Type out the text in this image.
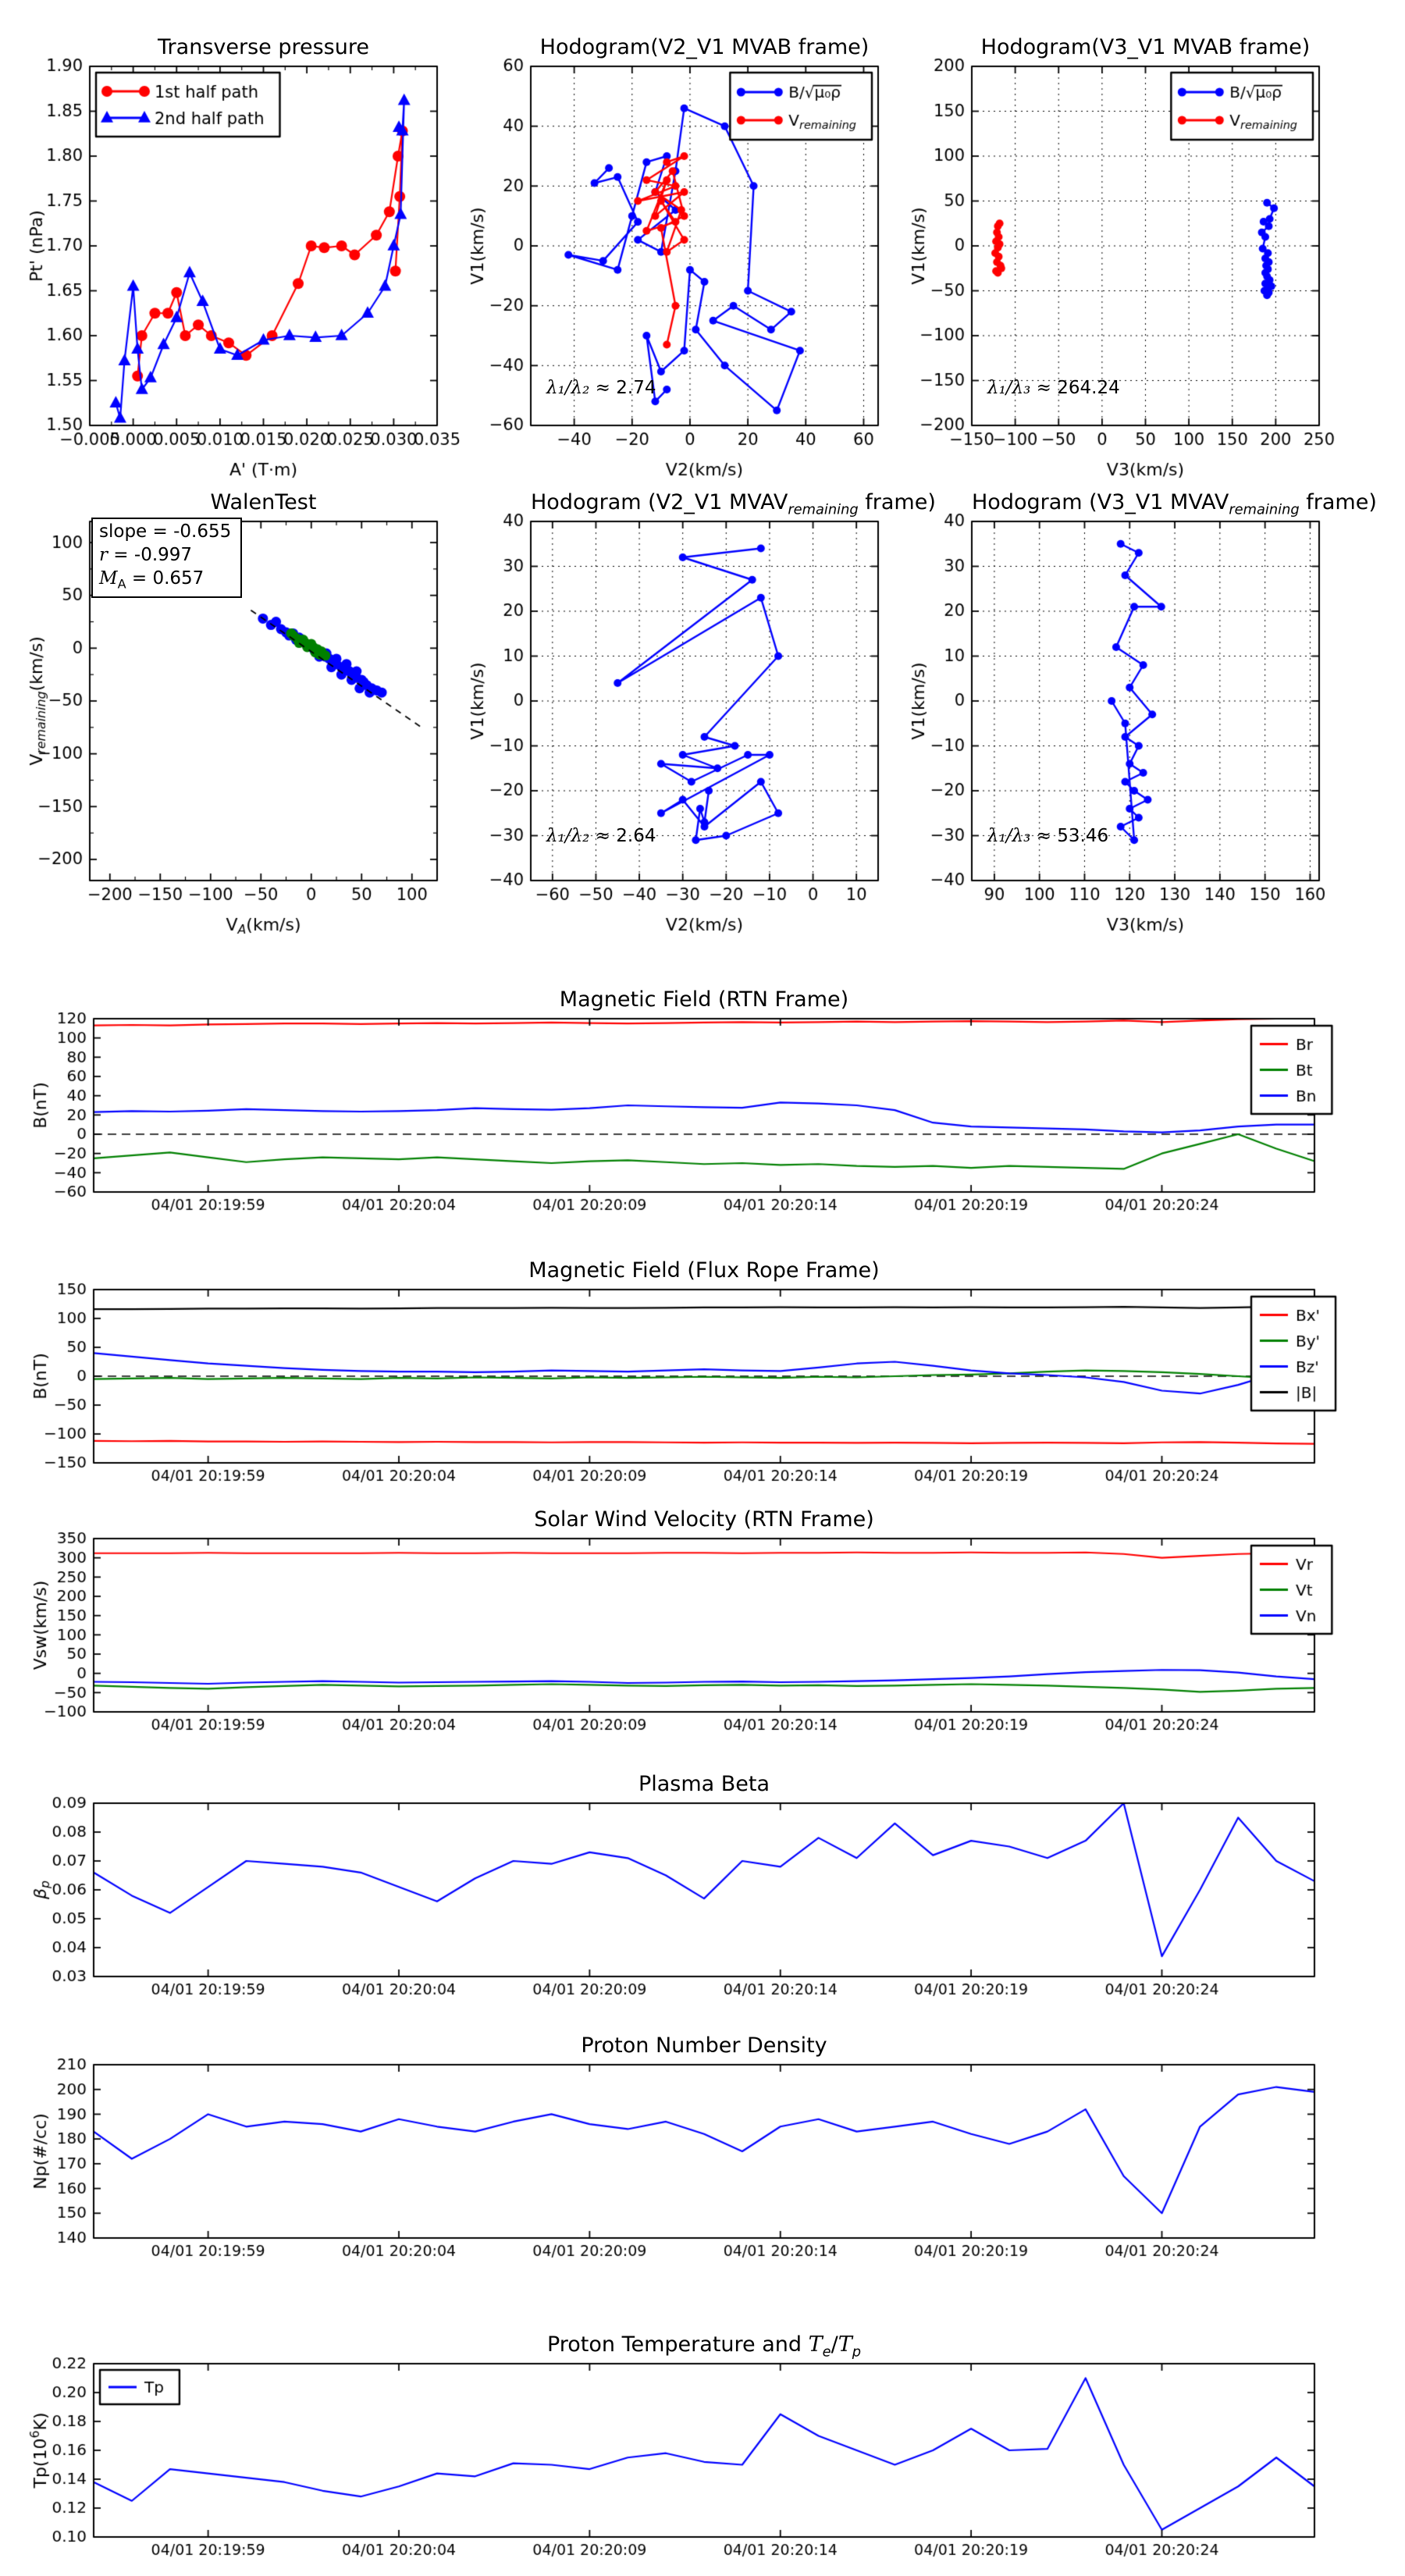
Transverse pressure	Hodogram(V2_V1 MVAB frame)	Hodogram(V3_V1 MVAB frame)
WalenTest	Hodogram (V2_V1 $MVAV_{remaining}$ frame) Hodogram (V3_V1 $MVAV_{remaining}$ frame)
Magnetic Field (RTN Frame)
Magnetic Field (Flux Rope Frame)
Solar Wind Velocity (RTN Frame)
Plasma Beta
Proton Number Density
Proton Temperature and $T_e/T_p$
λ₁/λ₂ ≈ 2.74	λ₁/λ₃ ≈ 264.24
λ₁/λ₂ ≈ 2.64	λ₁/λ₃ ≈ 53.46
slope = -0.655
r = -0.997
$M_A = 0.657$
